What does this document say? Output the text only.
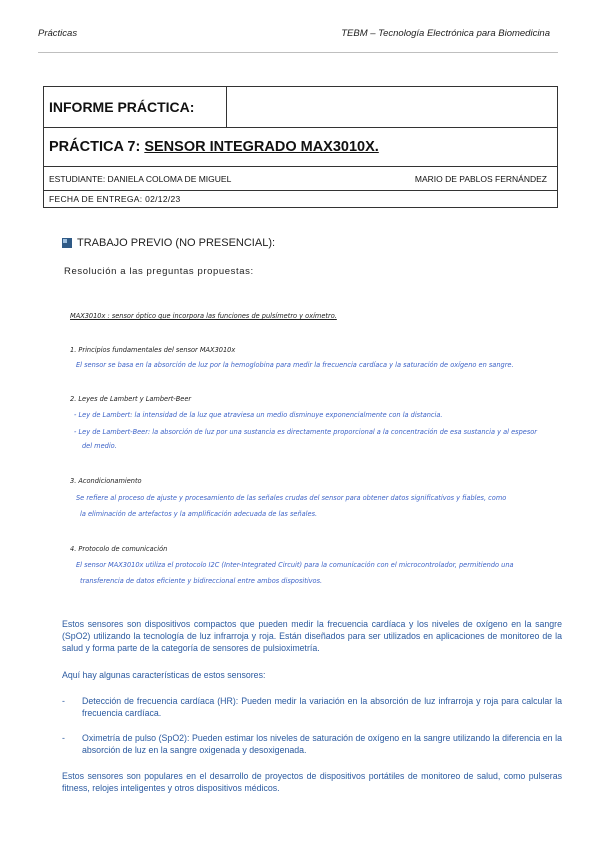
Prácticas	TEBM – Tecnología Electrónica para Biomedicina
INFORME PRÁCTICA:	
PRÁCTICA 7: SENSOR INTEGRADO MAX3010X.

ESTUDIANTE: DANIELA COLOMA DE MIGUEL	MARIO DE PABLOS FERNÁNDEZ

FECHA DE ENTREGA: 02/12/23
TRABAJO PREVIO (NO PRESENCIAL):
Resolución a las preguntas propuestas:
MAX3010x : sensor óptico que incorpora las funciones de pulsímetro y oxímetro.
1. Principios fundamentales del sensor MAX3010x
El sensor se basa en la absorción de luz por la hemoglobina para medir la frecuencia cardíaca y la saturación de oxígeno en sangre.
2. Leyes de Lambert y Lambert-Beer
- Ley de Lambert: la intensidad de la luz que atraviesa un medio disminuye exponencialmente con la distancia.
- Ley de Lambert-Beer: la absorción de luz por una sustancia es directamente proporcional a la concentración de esa sustancia y al espesor
del medio.
3. Acondicionamiento
Se refiere al proceso de ajuste y procesamiento de las señales crudas del sensor para obtener datos significativos y fiables, como
la eliminación de artefactos y la amplificación adecuada de las señales.
4. Protocolo de comunicación
El sensor MAX3010x utiliza el protocolo I2C (Inter-Integrated Circuit) para la comunicación con el microcontrolador, permitiendo una
transferencia de datos eficiente y bidireccional entre ambos dispositivos.
Estos sensores son dispositivos compactos que pueden medir la frecuencia cardíaca y los niveles de oxígeno en la sangre (SpO2) utilizando la tecnología de luz infrarroja y roja. Están diseñados para ser utilizados en aplicaciones de monitoreo de la salud y forma parte de la categoría de sensores de pulsioximetría.
Aquí hay algunas características de estos sensores:
- Detección de frecuencia cardíaca (HR): Pueden medir la variación en la absorción de luz infrarroja y roja para calcular la frecuencia cardíaca.
- Oximetría de pulso (SpO2): Pueden estimar los niveles de saturación de oxígeno en la sangre utilizando la diferencia en la absorción de luz en la sangre oxigenada y desoxigenada.
Estos sensores son populares en el desarrollo de proyectos de dispositivos portátiles de monitoreo de salud, como pulseras fitness, relojes inteligentes y otros dispositivos médicos.
